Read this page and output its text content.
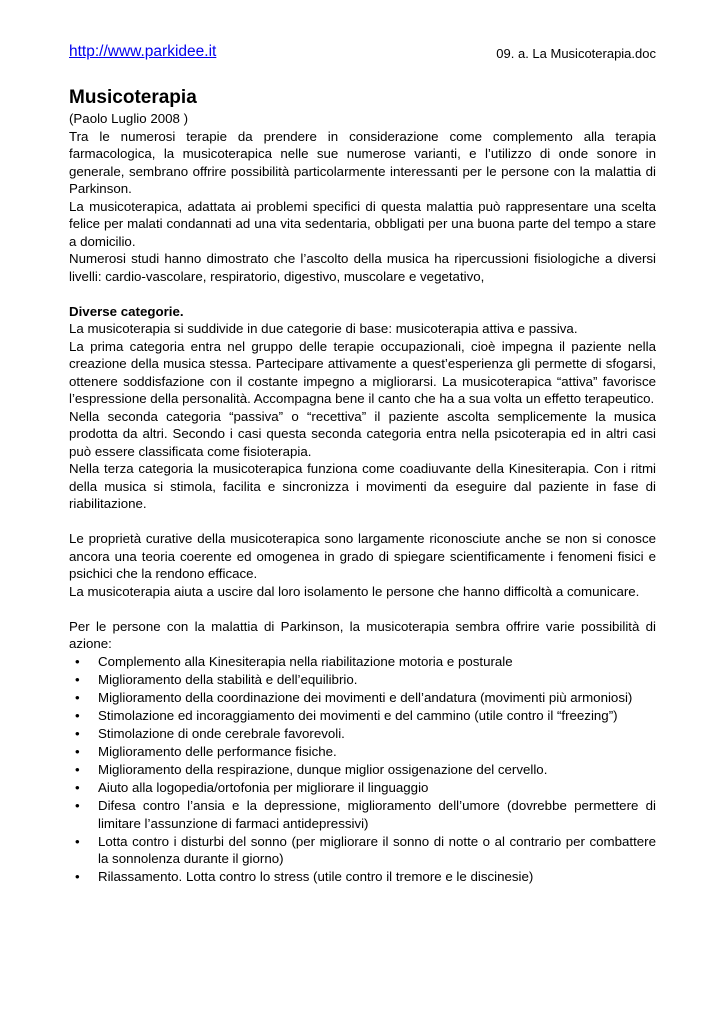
http://www.parkidee.it	09. a. La Musicoterapia.doc
Musicoterapia

(Paolo Luglio 2008 )

Tra le numerosi terapie da prendere in considerazione come complemento alla terapia farmacologica, la musicoterapica nelle sue numerose varianti, e l’utilizzo di onde sonore in generale, sembrano offrire possibilità particolarmente interessanti per le persone con la malattia di Parkinson.

La musicoterapica, adattata ai problemi specifici di questa malattia può rappresentare una scelta felice per malati condannati ad una vita sedentaria, obbligati per una buona parte del tempo a stare a domicilio.

Numerosi studi hanno dimostrato che l’ascolto della musica ha ripercussioni fisiologiche a diversi livelli: cardio-vascolare, respiratorio, digestivo, muscolare e vegetativo,

Diverse categorie.

La musicoterapia si suddivide in due categorie di base: musicoterapia attiva e passiva.

La prima categoria entra nel gruppo delle terapie occupazionali, cioè impegna il paziente nella creazione della musica stessa. Partecipare attivamente a quest’esperienza gli permette di sfogarsi, ottenere soddisfazione con il costante impegno a migliorarsi. La musicoterapica “attiva” favorisce l’espressione della personalità. Accompagna bene il canto che ha a sua volta un effetto terapeutico.

Nella seconda categoria “passiva” o “recettiva” il paziente ascolta semplicemente la musica prodotta da altri. Secondo i casi questa seconda categoria entra nella psicoterapia ed in altri casi può essere classificata come fisioterapia.

Nella terza categoria la musicoterapica funziona come coadiuvante della Kinesiterapia. Con i ritmi della musica si stimola, facilita e sincronizza i movimenti da eseguire dal paziente in fase di riabilitazione.

Le proprietà curative della musicoterapica sono largamente riconosciute anche se non si conosce ancora una teoria coerente ed omogenea in grado di spiegare scientificamente i fenomeni fisici e psichici che la rendono efficace.

La musicoterapia aiuta a uscire dal loro isolamento le persone che hanno difficoltà a comunicare.

Per le persone con la malattia di Parkinson, la musicoterapia sembra offrire varie possibilità di azione:

• Complemento alla Kinesiterapia nella riabilitazione motoria e posturale
• Miglioramento della stabilità e dell’equilibrio.
• Miglioramento della coordinazione dei movimenti e dell’andatura (movimenti più armoniosi)
• Stimolazione ed incoraggiamento dei movimenti e del cammino (utile contro il “freezing”)
• Stimolazione di onde cerebrale favorevoli.
• Miglioramento delle performance fisiche.
• Miglioramento della respirazione, dunque miglior ossigenazione del cervello.
• Aiuto alla logopedia/ortofonia per migliorare il linguaggio
• Difesa contro l’ansia e la depressione, miglioramento dell’umore (dovrebbe permettere di limitare l’assunzione di farmaci antidepressivi)
• Lotta contro i disturbi del sonno (per migliorare il sonno di notte o al contrario per combattere la sonnolenza durante il giorno)
• Rilassamento. Lotta contro lo stress (utile contro il tremore e le discinesie)
